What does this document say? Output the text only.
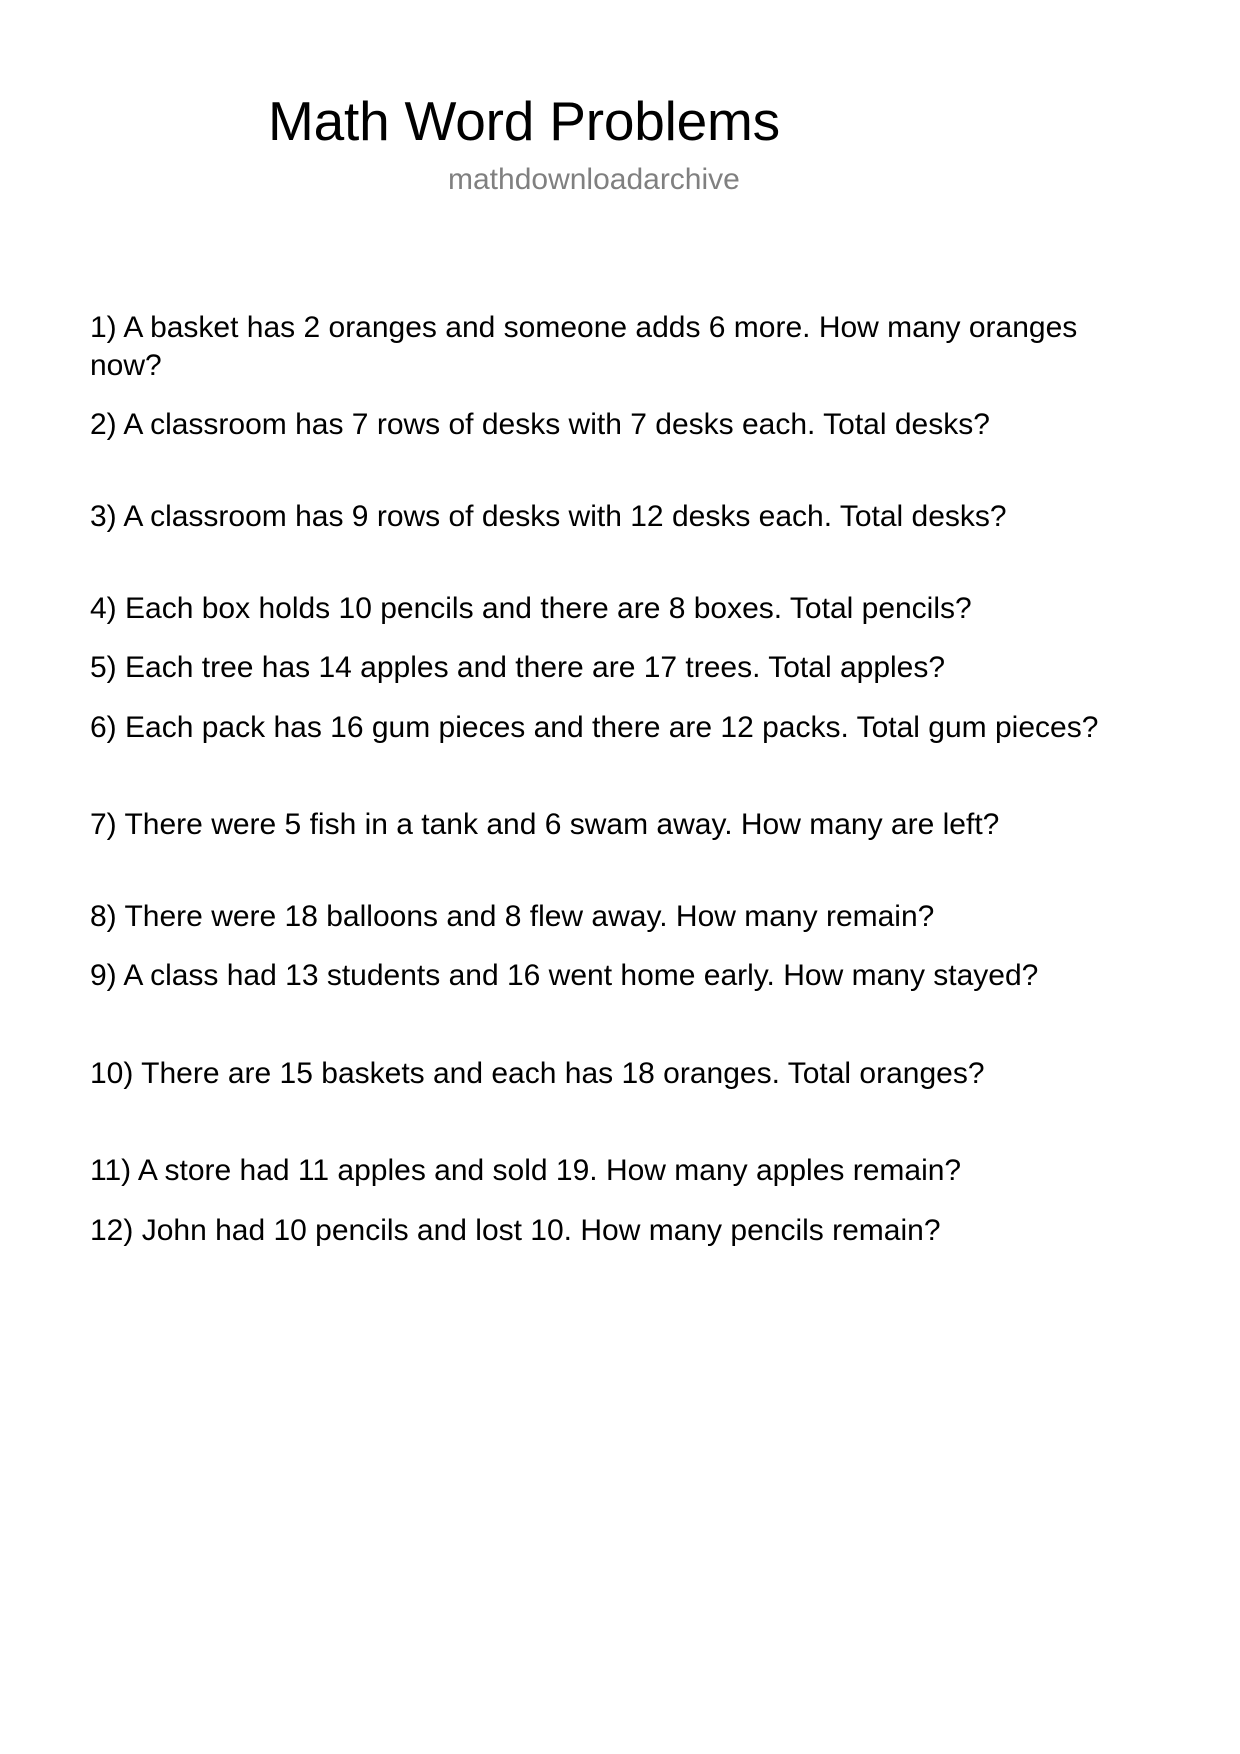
Math Word Problems
mathdownloadarchive
1) A basket has 2 oranges and someone adds 6 more. How many oranges now?
2) A classroom has 7 rows of desks with 7 desks each. Total desks?
3) A classroom has 9 rows of desks with 12 desks each. Total desks?
4) Each box holds 10 pencils and there are 8 boxes. Total pencils?
5) Each tree has 14 apples and there are 17 trees. Total apples?
6) Each pack has 16 gum pieces and there are 12 packs. Total gum pieces?
7) There were 5 fish in a tank and 6 swam away. How many are left?
8) There were 18 balloons and 8 flew away. How many remain?
9) A class had 13 students and 16 went home early. How many stayed?
10) There are 15 baskets and each has 18 oranges. Total oranges?
11) A store had 11 apples and sold 19. How many apples remain?
12) John had 10 pencils and lost 10. How many pencils remain?
